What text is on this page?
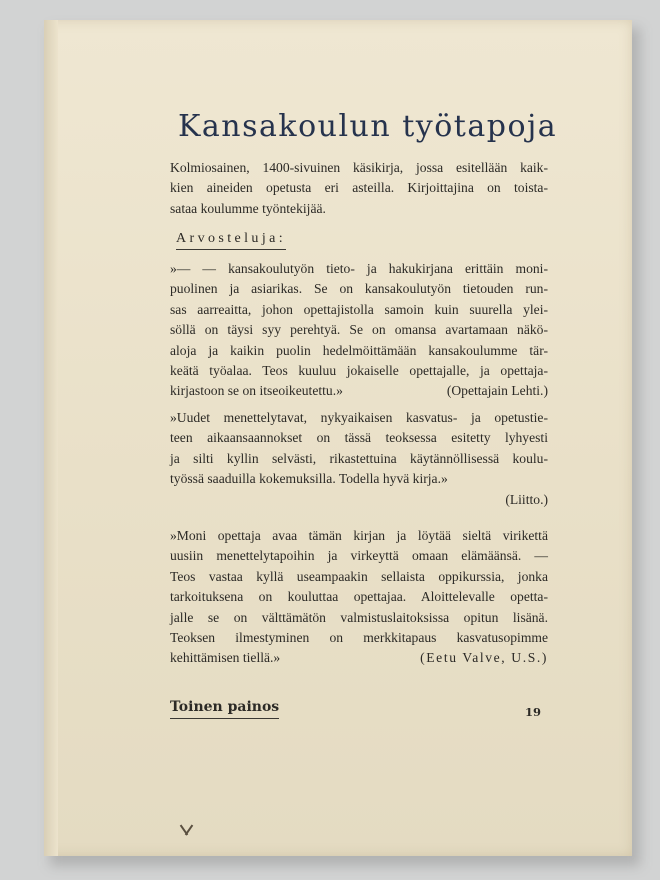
Kansakoulun työtapoja
Kolmiosainen, 1400-sivuinen käsikirja, jossa esitellään kaik-
kien aineiden opetusta eri asteilla. Kirjoittajina on toista-
sataa koulumme työntekijää.
Arvosteluja:
»— — kansakoulutyön tieto- ja hakukirjana erittäin moni-
puolinen ja asiarikas. Se on kansakoulutyön tietouden run-
sas aarreaitta, johon opettajistolla samoin kuin suurella ylei-
söllä on täysi syy perehtyä. Se on omansa avartamaan näkö-
aloja ja kaikin puolin hedelmöittämään kansakoulumme tär-
keätä työalaa. Teos kuuluu jokaiselle opettajalle, ja opettaja-
kirjastoon se on itseoikeutettu.»	(Opettajain Lehti.)
»Uudet menettelytavat, nykyaikaisen kasvatus- ja opetustie-
teen aikaansaannokset on tässä teoksessa esitetty lyhyesti
ja silti kyllin selvästi, rikastettuina käytännöllisessä koulu-
työssä saaduilla kokemuksilla. Todella hyvä kirja.»
(Liitto.)
»Moni opettaja avaa tämän kirjan ja löytää sieltä virikettä
uusiin menettelytapoihin ja virkeyttä omaan elämäänsä. —
Teos vastaa kyllä useampaakin sellaista oppikurssia, jonka
tarkoituksena on kouluttaa opettajaa. Aloittelevalle opetta-
jalle se on välttämätön valmistuslaitoksissa opitun lisänä.
Teoksen ilmestyminen on merkkitapaus kasvatusopimme
kehittämisen tiellä.»	(Eetu Valve, U.S.)
Toinen painos	19
